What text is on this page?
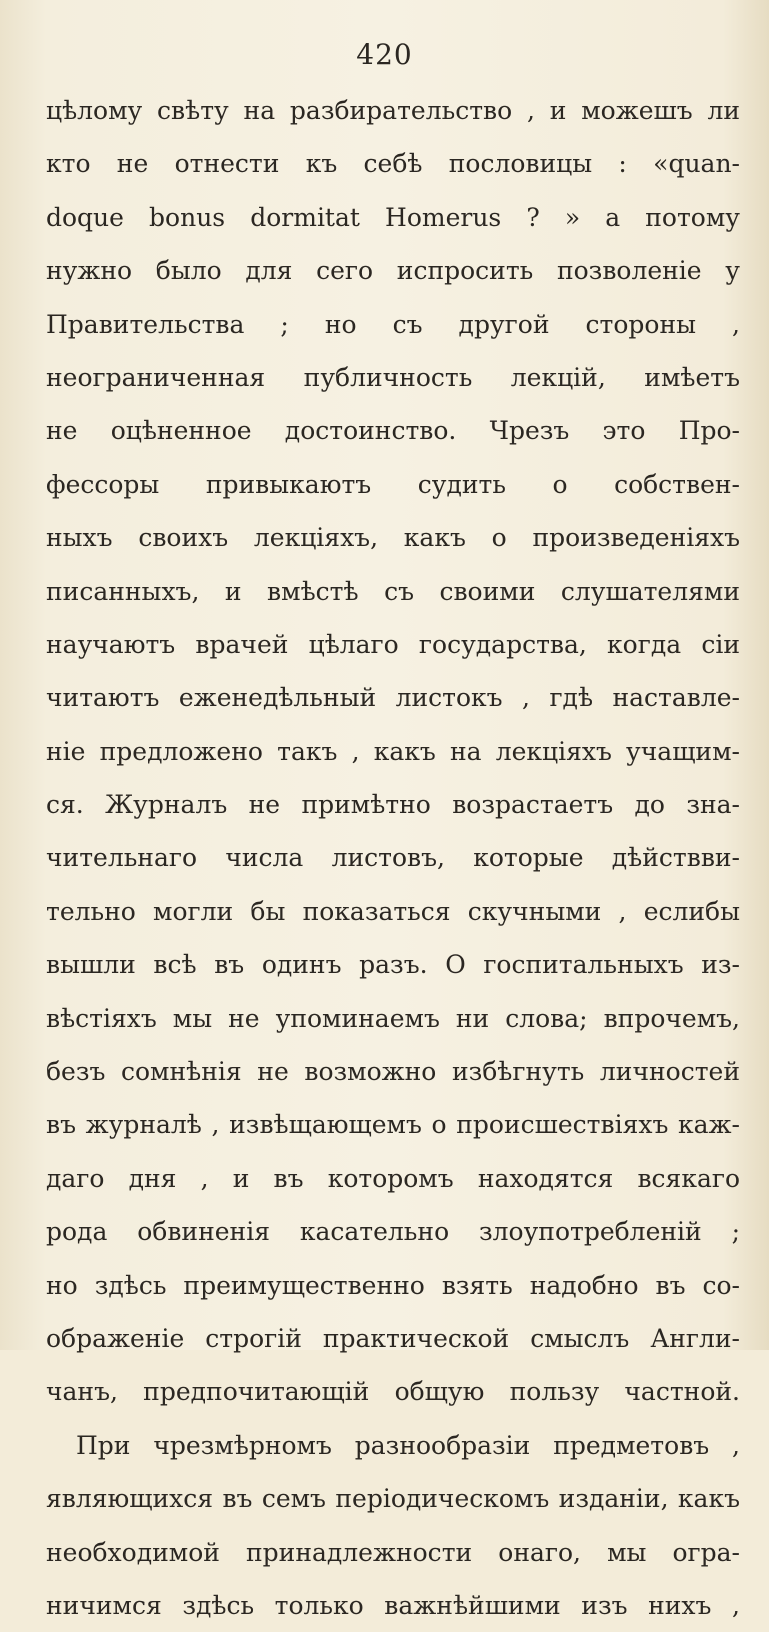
420
цѣлому свѣту на разбирательство , и можешъ ли
кто не отнести къ себѣ пословицы : «quan-
doque bonus dormitat Homerus ? » а потому
нужно было для сего испросить позволеніе у
Правительства ; но съ другой стороны ,
неограниченная публичность лекцій, имѣетъ
не оцѣненное достоинство. Чрезъ это Про-
фессоры привыкаютъ судить о собствен-
ныхъ своихъ лекціяхъ, какъ о произведеніяхъ
писанныхъ, и вмѣстѣ съ своими слушателями
научаютъ врачей цѣлаго государства, когда сіи
читаютъ еженедѣльный листокъ , гдѣ наставле-
ніе предложено такъ , какъ на лекціяхъ учащим-
ся. Журналъ не примѣтно возрастаетъ до зна-
чительнаго числа листовъ, которые дѣйствви-
тельно могли бы показаться скучными , еслибы
вышли всѣ въ одинъ разъ. О госпитальныхъ из-
вѣстіяхъ мы не упоминаемъ ни слова; впрочемъ,
безъ сомнѣнія не возможно избѣгнуть личностей
въ журналѣ , извѣщающемъ о происшествіяхъ каж-
даго дня , и въ которомъ находятся всякаго
рода обвиненія касательно злоупотребленій ;
но здѣсь преимущественно взять надобно въ со-
ображеніе строгій практической смыслъ Англи-
чанъ, предпочитающій общую пользу частной.
При чрезмѣрномъ разнообразіи предметовъ ,
являющихся въ семъ періодическомъ изданіи, какъ
необходимой принадлежности онаго, мы огра-
ничимся здѣсь только важнѣйшими изъ нихъ ,
